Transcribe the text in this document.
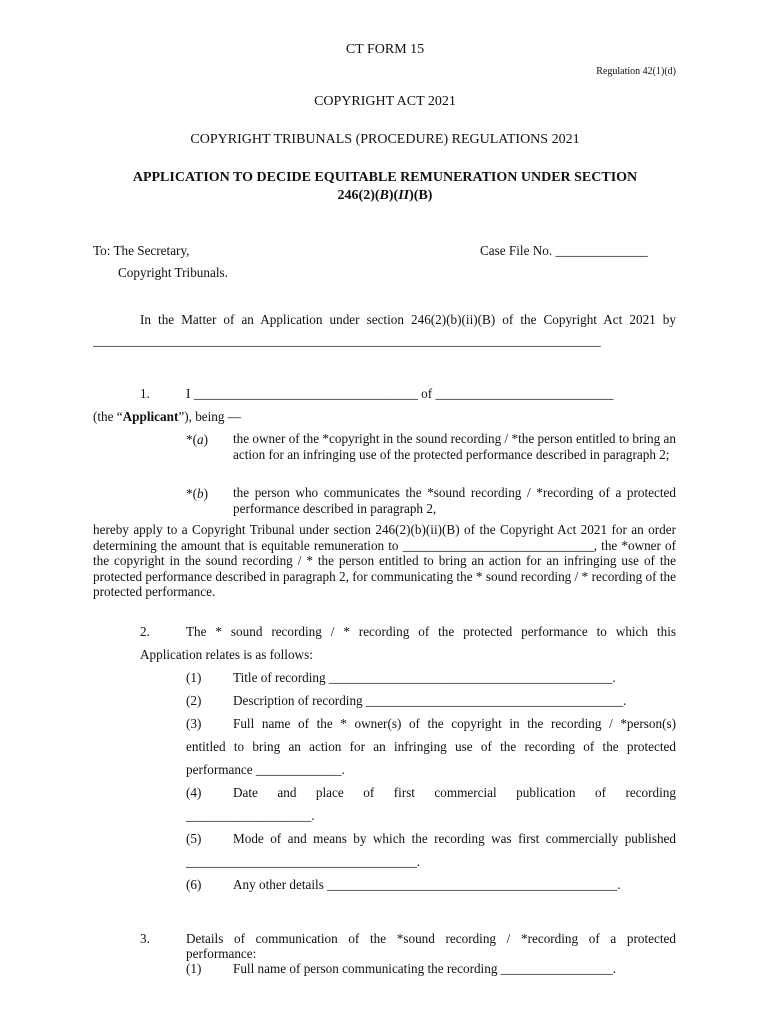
CT FORM 15
Regulation 42(1)(d)
COPYRIGHT ACT 2021
COPYRIGHT TRIBUNALS (PROCEDURE) REGULATIONS 2021
APPLICATION TO DECIDE EQUITABLE REMUNERATION UNDER SECTION
246(2)(B)(II)(B)
To: The Secretary,	Case File No. ______________
Copyright Tribunals.
In the Matter of an Application under section 246(2)(b)(ii)(B) of the Copyright Act 2021 by
_____________________________________________________________________________
1.	I __________________________________ of ___________________________
(the “Applicant”), being —
*(a) the owner of the *copyright in the sound recording / *the person entitled to bring an action for an infringing use of the protected performance described in paragraph 2;
*(b) the person who communicates the *sound recording / *recording of a protected performance described in paragraph 2,
hereby apply to a Copyright Tribunal under section 246(2)(b)(ii)(B) of the Copyright Act 2021 for an order determining the amount that is equitable remuneration to _____________________________, the *owner of the copyright in the sound recording / * the person entitled to bring an action for an infringing use of the protected performance described in paragraph 2, for communicating the * sound recording / * recording of the protected performance.
2.	The * sound recording / * recording of the protected performance to which this
Application relates is as follows:
(1) Title of recording ___________________________________________.
(2) Description of recording _______________________________________.
(3) Full name of the * owner(s) of the copyright in the recording / *person(s)
entitled to bring an action for an infringing use of the recording of the protected
performance _____________.
(4) Date and place of first commercial publication of recording
___________________.
(5) Mode of and means by which the recording was first commercially published
___________________________________.
(6) Any other details ____________________________________________.
3.	Details of communication of the *sound recording / *recording of a protected
performance:
(1) Full name of person communicating the recording _________________.
